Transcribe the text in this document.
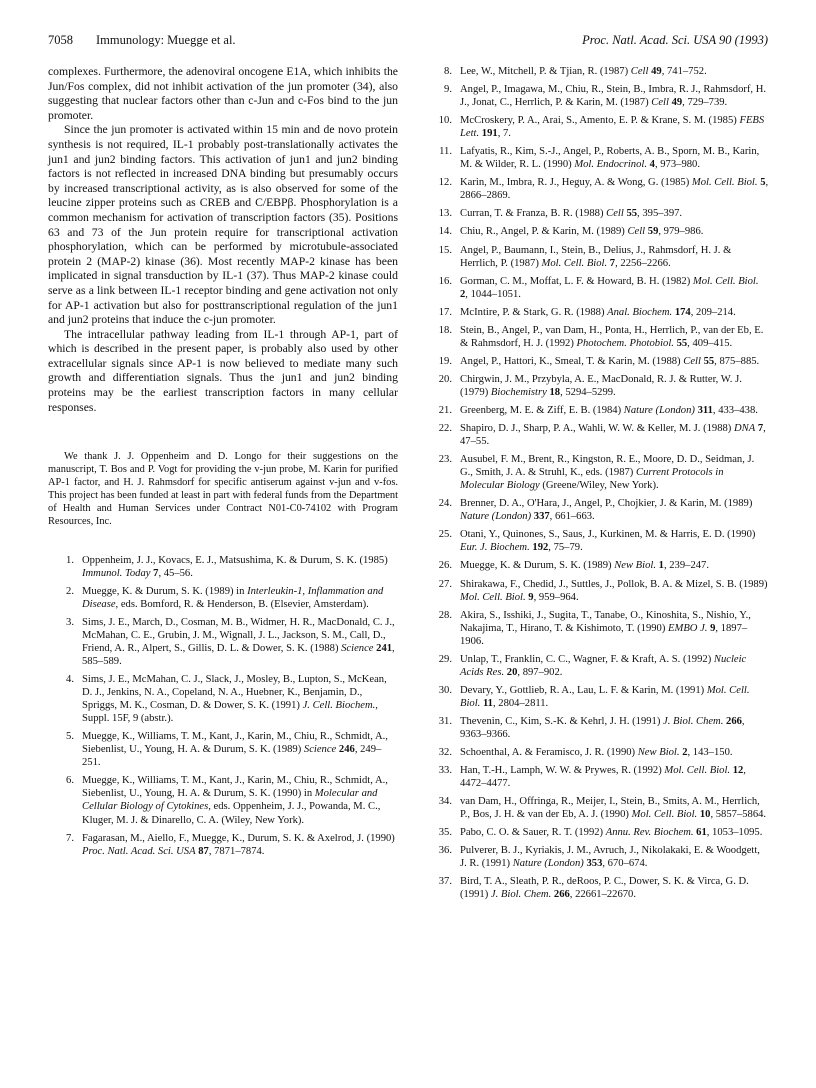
7058 Immunology: Muegge et al.	Proc. Natl. Acad. Sci. USA 90 (1993)

complexes. Furthermore, the adenoviral oncogene E1A, which inhibits the Jun/Fos complex, did not inhibit activation of the jun promoter (34), also suggesting that nuclear factors other than c-Jun and c-Fos bind to the jun promoter.

Since the jun promoter is activated within 15 min and de novo protein synthesis is not required, IL-1 probably post-translationally activates the jun1 and jun2 binding factors. This activation of jun1 and jun2 binding factors is not reflected in increased DNA binding but presumably occurs by increased transcriptional activity, as is also observed for some of the leucine zipper proteins such as CREB and C/EBPβ. Phosphorylation is a common mechanism for activation of transcription factors (35). Positions 63 and 73 of the Jun protein require for transcriptional activation phosphorylation, which can be performed by microtubule-associated protein 2 (MAP-2) kinase (36). Most recently MAP-2 kinase has been implicated in signal transduction by IL-1 (37). Thus MAP-2 kinase could serve as a link between IL-1 receptor binding and gene activation not only for AP-1 activation but also for posttranscriptional regulation of the jun1 and jun2 proteins that induce the c-jun promoter.

The intracellular pathway leading from IL-1 through AP-1, part of which is described in the present paper, is probably also used by other extracellular signals since AP-1 is now believed to mediate many such growth and differentiation signals. Thus the jun1 and jun2 binding proteins may be the earliest transcription factors in many cellular responses.

We thank J. J. Oppenheim and D. Longo for their suggestions on the manuscript, T. Bos and P. Vogt for providing the v-jun probe, M. Karin for purified AP-1 factor, and H. J. Rahmsdorf for specific antiserum against v-jun and v-fos. This project has been funded at least in part with federal funds from the Department of Health and Human Services under Contract N01-C0-74102 with Program Resources, Inc.

1. Oppenheim, J. J., Kovacs, E. J., Matsushima, K. & Durum, S. K. (1985) Immunol. Today 7, 45–56.
2. Muegge, K. & Durum, S. K. (1989) in Interleukin-1, Inflammation and Disease, eds. Bomford, R. & Henderson, B. (Elsevier, Amsterdam).
3. Sims, J. E., March, D., Cosman, M. B., Widmer, H. R., MacDonald, C. J., McMahan, C. E., Grubin, J. M., Wignall, J. L., Jackson, S. M., Call, D., Friend, A. R., Alpert, S., Gillis, D. L. & Dower, S. K. (1988) Science 241, 585–589.
4. Sims, J. E., McMahan, C. J., Slack, J., Mosley, B., Lupton, S., McKean, D. J., Jenkins, N. A., Copeland, N. A., Huebner, K., Benjamin, D., Spriggs, M. K., Cosman, D. & Dower, S. K. (1991) J. Cell. Biochem., Suppl. 15F, 9 (abstr.).
5. Muegge, K., Williams, T. M., Kant, J., Karin, M., Chiu, R., Schmidt, A., Siebenlist, U., Young, H. A. & Durum, S. K. (1989) Science 246, 249–251.
6. Muegge, K., Williams, T. M., Kant, J., Karin, M., Chiu, R., Schmidt, A., Siebenlist, U., Young, H. A. & Durum, S. K. (1990) in Molecular and Cellular Biology of Cytokines, eds. Oppenheim, J. J., Powanda, M. C., Kluger, M. J. & Dinarello, C. A. (Wiley, New York).
7. Fagarasan, M., Aiello, F., Muegge, K., Durum, S. K. & Axelrod, J. (1990) Proc. Natl. Acad. Sci. USA 87, 7871–7874.
8. Lee, W., Mitchell, P. & Tjian, R. (1987) Cell 49, 741–752.
9. Angel, P., Imagawa, M., Chiu, R., Stein, B., Imbra, R. J., Rahmsdorf, H. J., Jonat, C., Herrlich, P. & Karin, M. (1987) Cell 49, 729–739.
10. McCroskery, P. A., Arai, S., Amento, E. P. & Krane, S. M. (1985) FEBS Lett. 191, 7.
11. Lafyatis, R., Kim, S.-J., Angel, P., Roberts, A. B., Sporn, M. B., Karin, M. & Wilder, R. L. (1990) Mol. Endocrinol. 4, 973–980.
12. Karin, M., Imbra, R. J., Heguy, A. & Wong, G. (1985) Mol. Cell. Biol. 5, 2866–2869.
13. Curran, T. & Franza, B. R. (1988) Cell 55, 395–397.
14. Chiu, R., Angel, P. & Karin, M. (1989) Cell 59, 979–986.
15. Angel, P., Baumann, I., Stein, B., Delius, J., Rahmsdorf, H. J. & Herrlich, P. (1987) Mol. Cell. Biol. 7, 2256–2266.
16. Gorman, C. M., Moffat, L. F. & Howard, B. H. (1982) Mol. Cell. Biol. 2, 1044–1051.
17. McIntire, P. & Stark, G. R. (1988) Anal. Biochem. 174, 209–214.
18. Stein, B., Angel, P., van Dam, H., Ponta, H., Herrlich, P., van der Eb, E. & Rahmsdorf, H. J. (1992) Photochem. Photobiol. 55, 409–415.
19. Angel, P., Hattori, K., Smeal, T. & Karin, M. (1988) Cell 55, 875–885.
20. Chirgwin, J. M., Przybyla, A. E., MacDonald, R. J. & Rutter, W. J. (1979) Biochemistry 18, 5294–5299.
21. Greenberg, M. E. & Ziff, E. B. (1984) Nature (London) 311, 433–438.
22. Shapiro, D. J., Sharp, P. A., Wahli, W. W. & Keller, M. J. (1988) DNA 7, 47–55.
23. Ausubel, F. M., Brent, R., Kingston, R. E., Moore, D. D., Seidman, J. G., Smith, J. A. & Struhl, K., eds. (1987) Current Protocols in Molecular Biology (Greene/Wiley, New York).
24. Brenner, D. A., O'Hara, J., Angel, P., Chojkier, J. & Karin, M. (1989) Nature (London) 337, 661–663.
25. Otani, Y., Quinones, S., Saus, J., Kurkinen, M. & Harris, E. D. (1990) Eur. J. Biochem. 192, 75–79.
26. Muegge, K. & Durum, S. K. (1989) New Biol. 1, 239–247.
27. Shirakawa, F., Chedid, J., Suttles, J., Pollok, B. A. & Mizel, S. B. (1989) Mol. Cell. Biol. 9, 959–964.
28. Akira, S., Isshiki, J., Sugita, T., Tanabe, O., Kinoshita, S., Nishio, Y., Nakajima, T., Hirano, T. & Kishimoto, T. (1990) EMBO J. 9, 1897–1906.
29. Unlap, T., Franklin, C. C., Wagner, F. & Kraft, A. S. (1992) Nucleic Acids Res. 20, 897–902.
30. Devary, Y., Gottlieb, R. A., Lau, L. F. & Karin, M. (1991) Mol. Cell. Biol. 11, 2804–2811.
31. Thevenin, C., Kim, S.-K. & Kehrl, J. H. (1991) J. Biol. Chem. 266, 9363–9366.
32. Schoenthal, A. & Feramisco, J. R. (1990) New Biol. 2, 143–150.
33. Han, T.-H., Lamph, W. W. & Prywes, R. (1992) Mol. Cell. Biol. 12, 4472–4477.
34. van Dam, H., Offringa, R., Meijer, I., Stein, B., Smits, A. M., Herrlich, P., Bos, J. H. & van der Eb, A. J. (1990) Mol. Cell. Biol. 10, 5857–5864.
35. Pabo, C. O. & Sauer, R. T. (1992) Annu. Rev. Biochem. 61, 1053–1095.
36. Pulverer, B. J., Kyriakis, J. M., Avruch, J., Nikolakaki, E. & Woodgett, J. R. (1991) Nature (London) 353, 670–674.
37. Bird, T. A., Sleath, P. R., deRoos, P. C., Dower, S. K. & Virca, G. D. (1991) J. Biol. Chem. 266, 22661–22670.
